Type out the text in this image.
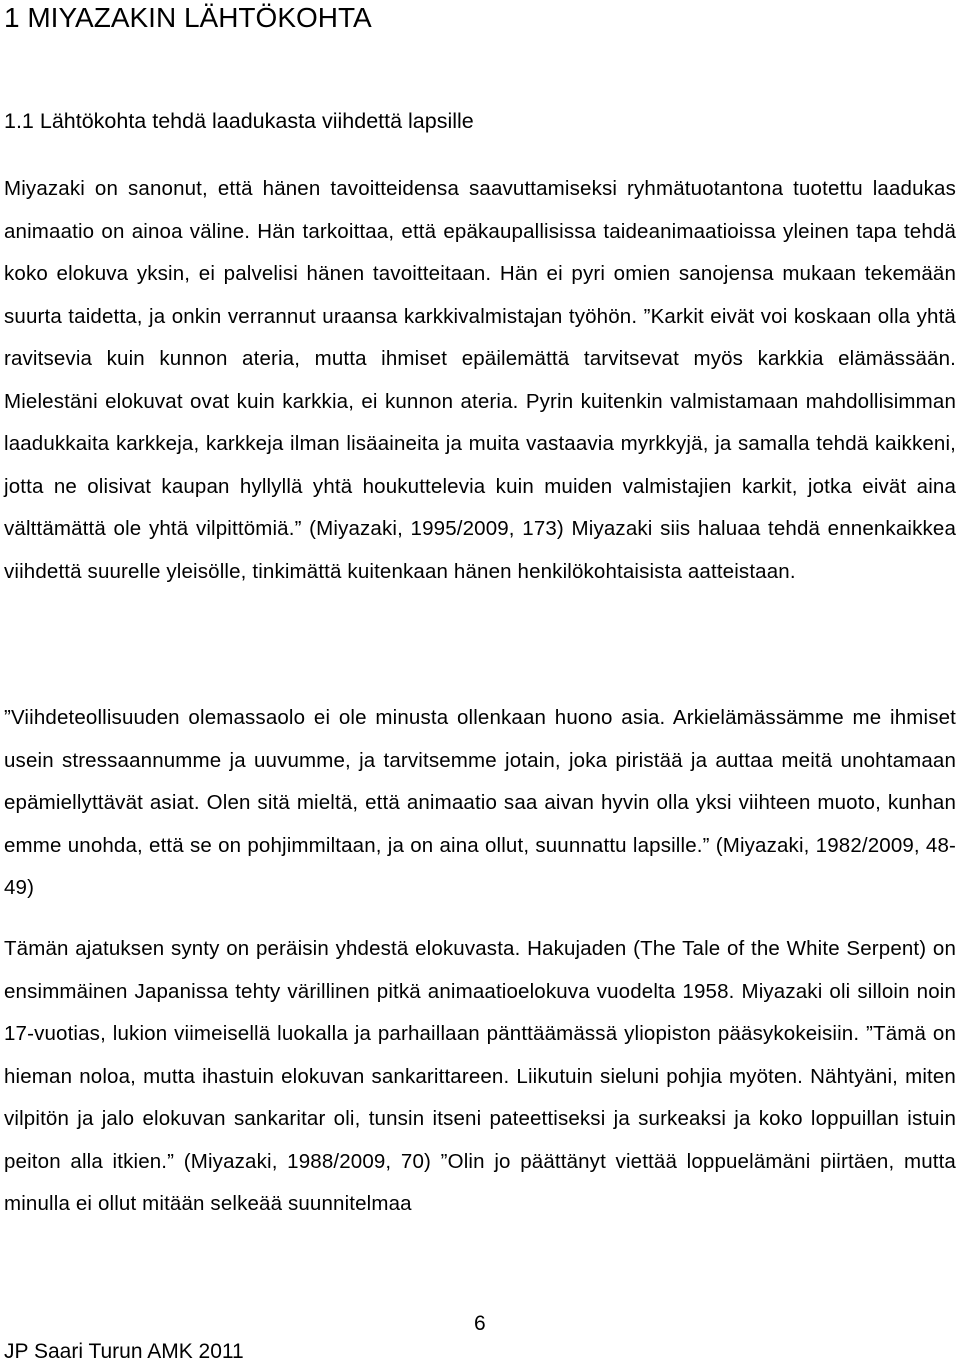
1 MIYAZAKIN LÄHTÖKOHTA
1.1 Lähtökohta tehdä laadukasta viihdettä lapsille

Miyazaki on sanonut, että hänen tavoitteidensa saavuttamiseksi ryhmätuotantona tuotettu laadukas animaatio on ainoa väline. Hän tarkoittaa, että epäkaupallisissa taideanimaatioissa yleinen tapa tehdä koko elokuva yksin, ei palvelisi hänen tavoitteitaan. Hän ei pyri omien sanojensa mukaan tekemään suurta taidetta, ja onkin verrannut uraansa karkkivalmistajan työhön. ”Karkit eivät voi koskaan olla yhtä ravitsevia kuin kunnon ateria, mutta ihmiset epäilemättä tarvitsevat myös karkkia elämässään. Mielestäni elokuvat ovat kuin karkkia, ei kunnon ateria. Pyrin kuitenkin valmistamaan mahdollisimman laadukkaita karkkeja, karkkeja ilman lisäaineita ja muita vastaavia myrkkyjä, ja samalla tehdä kaikkeni, jotta ne olisivat kaupan hyllyllä yhtä houkuttelevia kuin muiden valmistajien karkit, jotka eivät aina välttämättä ole yhtä vilpittömiä.” (Miyazaki, 1995/2009, 173) Miyazaki siis haluaa tehdä ennenkaikkea viihdettä suurelle yleisölle, tinkimättä kuitenkaan hänen henkilökohtaisista aatteistaan.

”Viihdeteollisuuden olemassaolo ei ole minusta ollenkaan huono asia. Arkielämässämme me ihmiset usein stressaannumme ja uuvumme, ja tarvitsemme jotain, joka piristää ja auttaa meitä unohtamaan epämiellyttävät asiat. Olen sitä mieltä, että animaatio saa aivan hyvin olla yksi viihteen muoto, kunhan emme unohda, että se on pohjimmiltaan, ja on aina ollut, suunnattu lapsille.” (Miyazaki, 1982/2009, 48-49)

Tämän ajatuksen synty on peräisin yhdestä elokuvasta. Hakujaden (The Tale of the White Serpent) on ensimmäinen Japanissa tehty värillinen pitkä animaatioelokuva vuodelta 1958. Miyazaki oli silloin noin 17-vuotias, lukion viimeisellä luokalla ja parhaillaan pänttäämässä yliopiston pääsykokeisiin. ”Tämä on hieman noloa, mutta ihastuin elokuvan sankarittareen. Liikutuin sieluni pohjia myöten. Nähtyäni, miten vilpitön ja jalo elokuvan sankaritar oli, tunsin itseni pateettiseksi ja surkeaksi ja koko loppuillan istuin peiton alla itkien.” (Miyazaki, 1988/2009, 70) ”Olin jo päättänyt viettää loppuelämäni piirtäen, mutta minulla ei ollut mitään selkeää suunnitelmaa

6
JP Saari Turun AMK 2011
